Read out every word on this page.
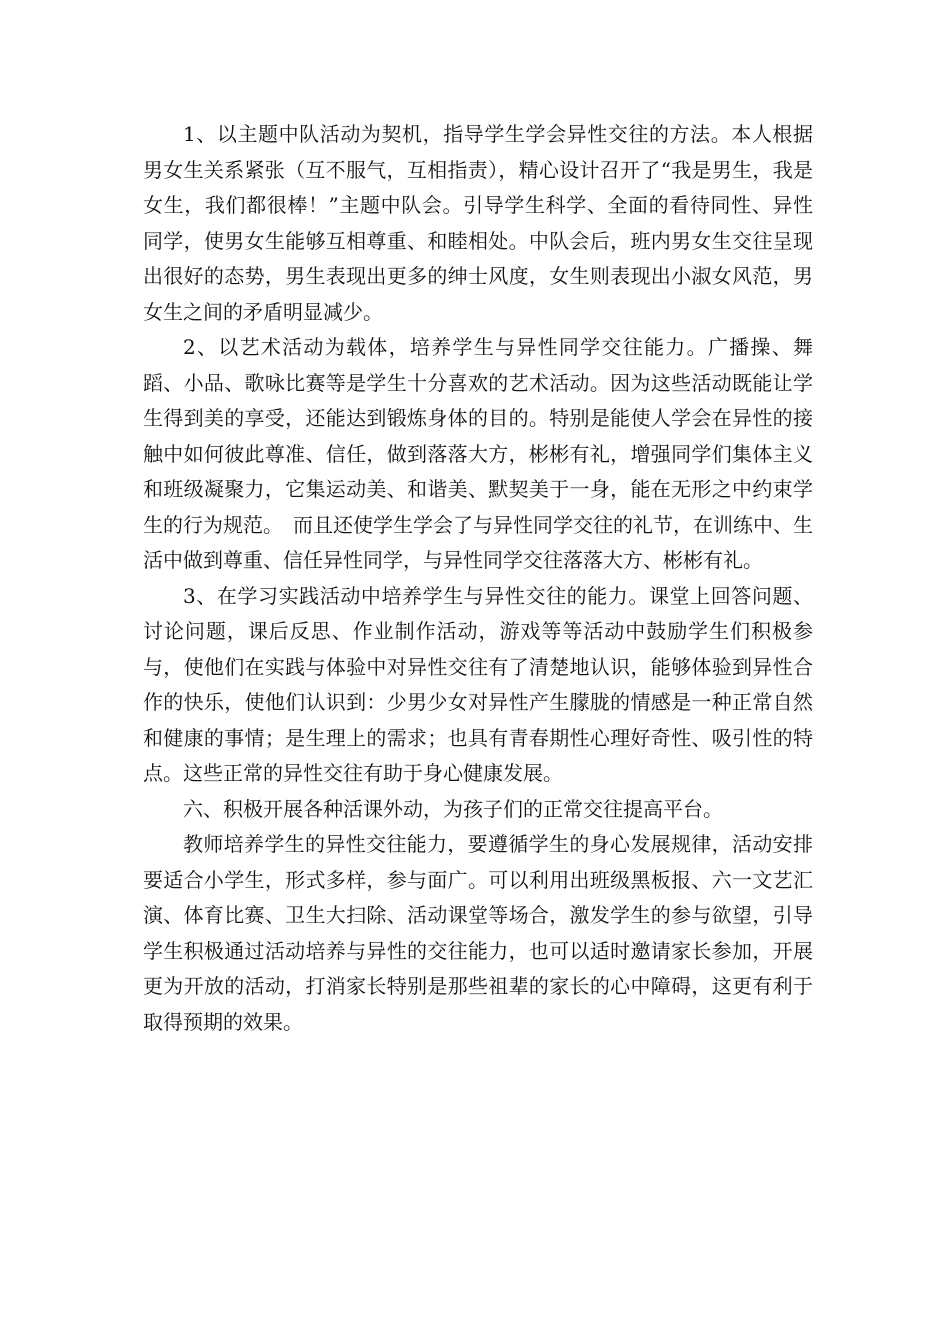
1、以主题中队活动为契机，指导学生学会异性交往的方法。本人根据男女生关系紧张（互不服气，互相指责），精心设计召开了“我是男生，我是女生，我们都很棒！”主题中队会。引导学生科学、全面的看待同性、异性同学，使男女生能够互相尊重、和睦相处。中队会后，班内男女生交往呈现出很好的态势，男生表现出更多的绅士风度，女生则表现出小淑女风范，男女生之间的矛盾明显减少。

2、以艺术活动为载体，培养学生与异性同学交往能力。广播操、舞蹈、小品、歌咏比赛等是学生十分喜欢的艺术活动。因为这些活动既能让学生得到美的享受，还能达到锻炼身体的目的。特别是能使人学会在异性的接触中如何彼此尊准、信任，做到落落大方，彬彬有礼，增强同学们集体主义和班级凝聚力，它集运动美、和谐美、默契美于一身，能在无形之中约束学生的行为规范。　而且还使学生学会了与异性同学交往的礼节，在训练中、生活中做到尊重、信任异性同学，与异性同学交往落落大方、彬彬有礼。

3、在学习实践活动中培养学生与异性交往的能力。课堂上回答问题、讨论问题，课后反思、作业制作活动，游戏等等活动中鼓励学生们积极参与，使他们在实践与体验中对异性交往有了清楚地认识，能够体验到异性合作的快乐，使他们认识到：少男少女对异性产生朦胧的情感是一种正常自然和健康的事情；是生理上的需求；也具有青春期性心理好奇性、吸引性的特点。这些正常的异性交往有助于身心健康发展。

六、积极开展各种活课外动，为孩子们的正常交往提高平台。

教师培养学生的异性交往能力，要遵循学生的身心发展规律，活动安排要适合小学生，形式多样，参与面广。可以利用出班级黑板报、六一文艺汇演、体育比赛、卫生大扫除、活动课堂等场合，激发学生的参与欲望，引导学生积极通过活动培养与异性的交往能力，也可以适时邀请家长参加，开展更为开放的活动，打消家长特别是那些祖辈的家长的心中障碍，这更有利于取得预期的效果。
